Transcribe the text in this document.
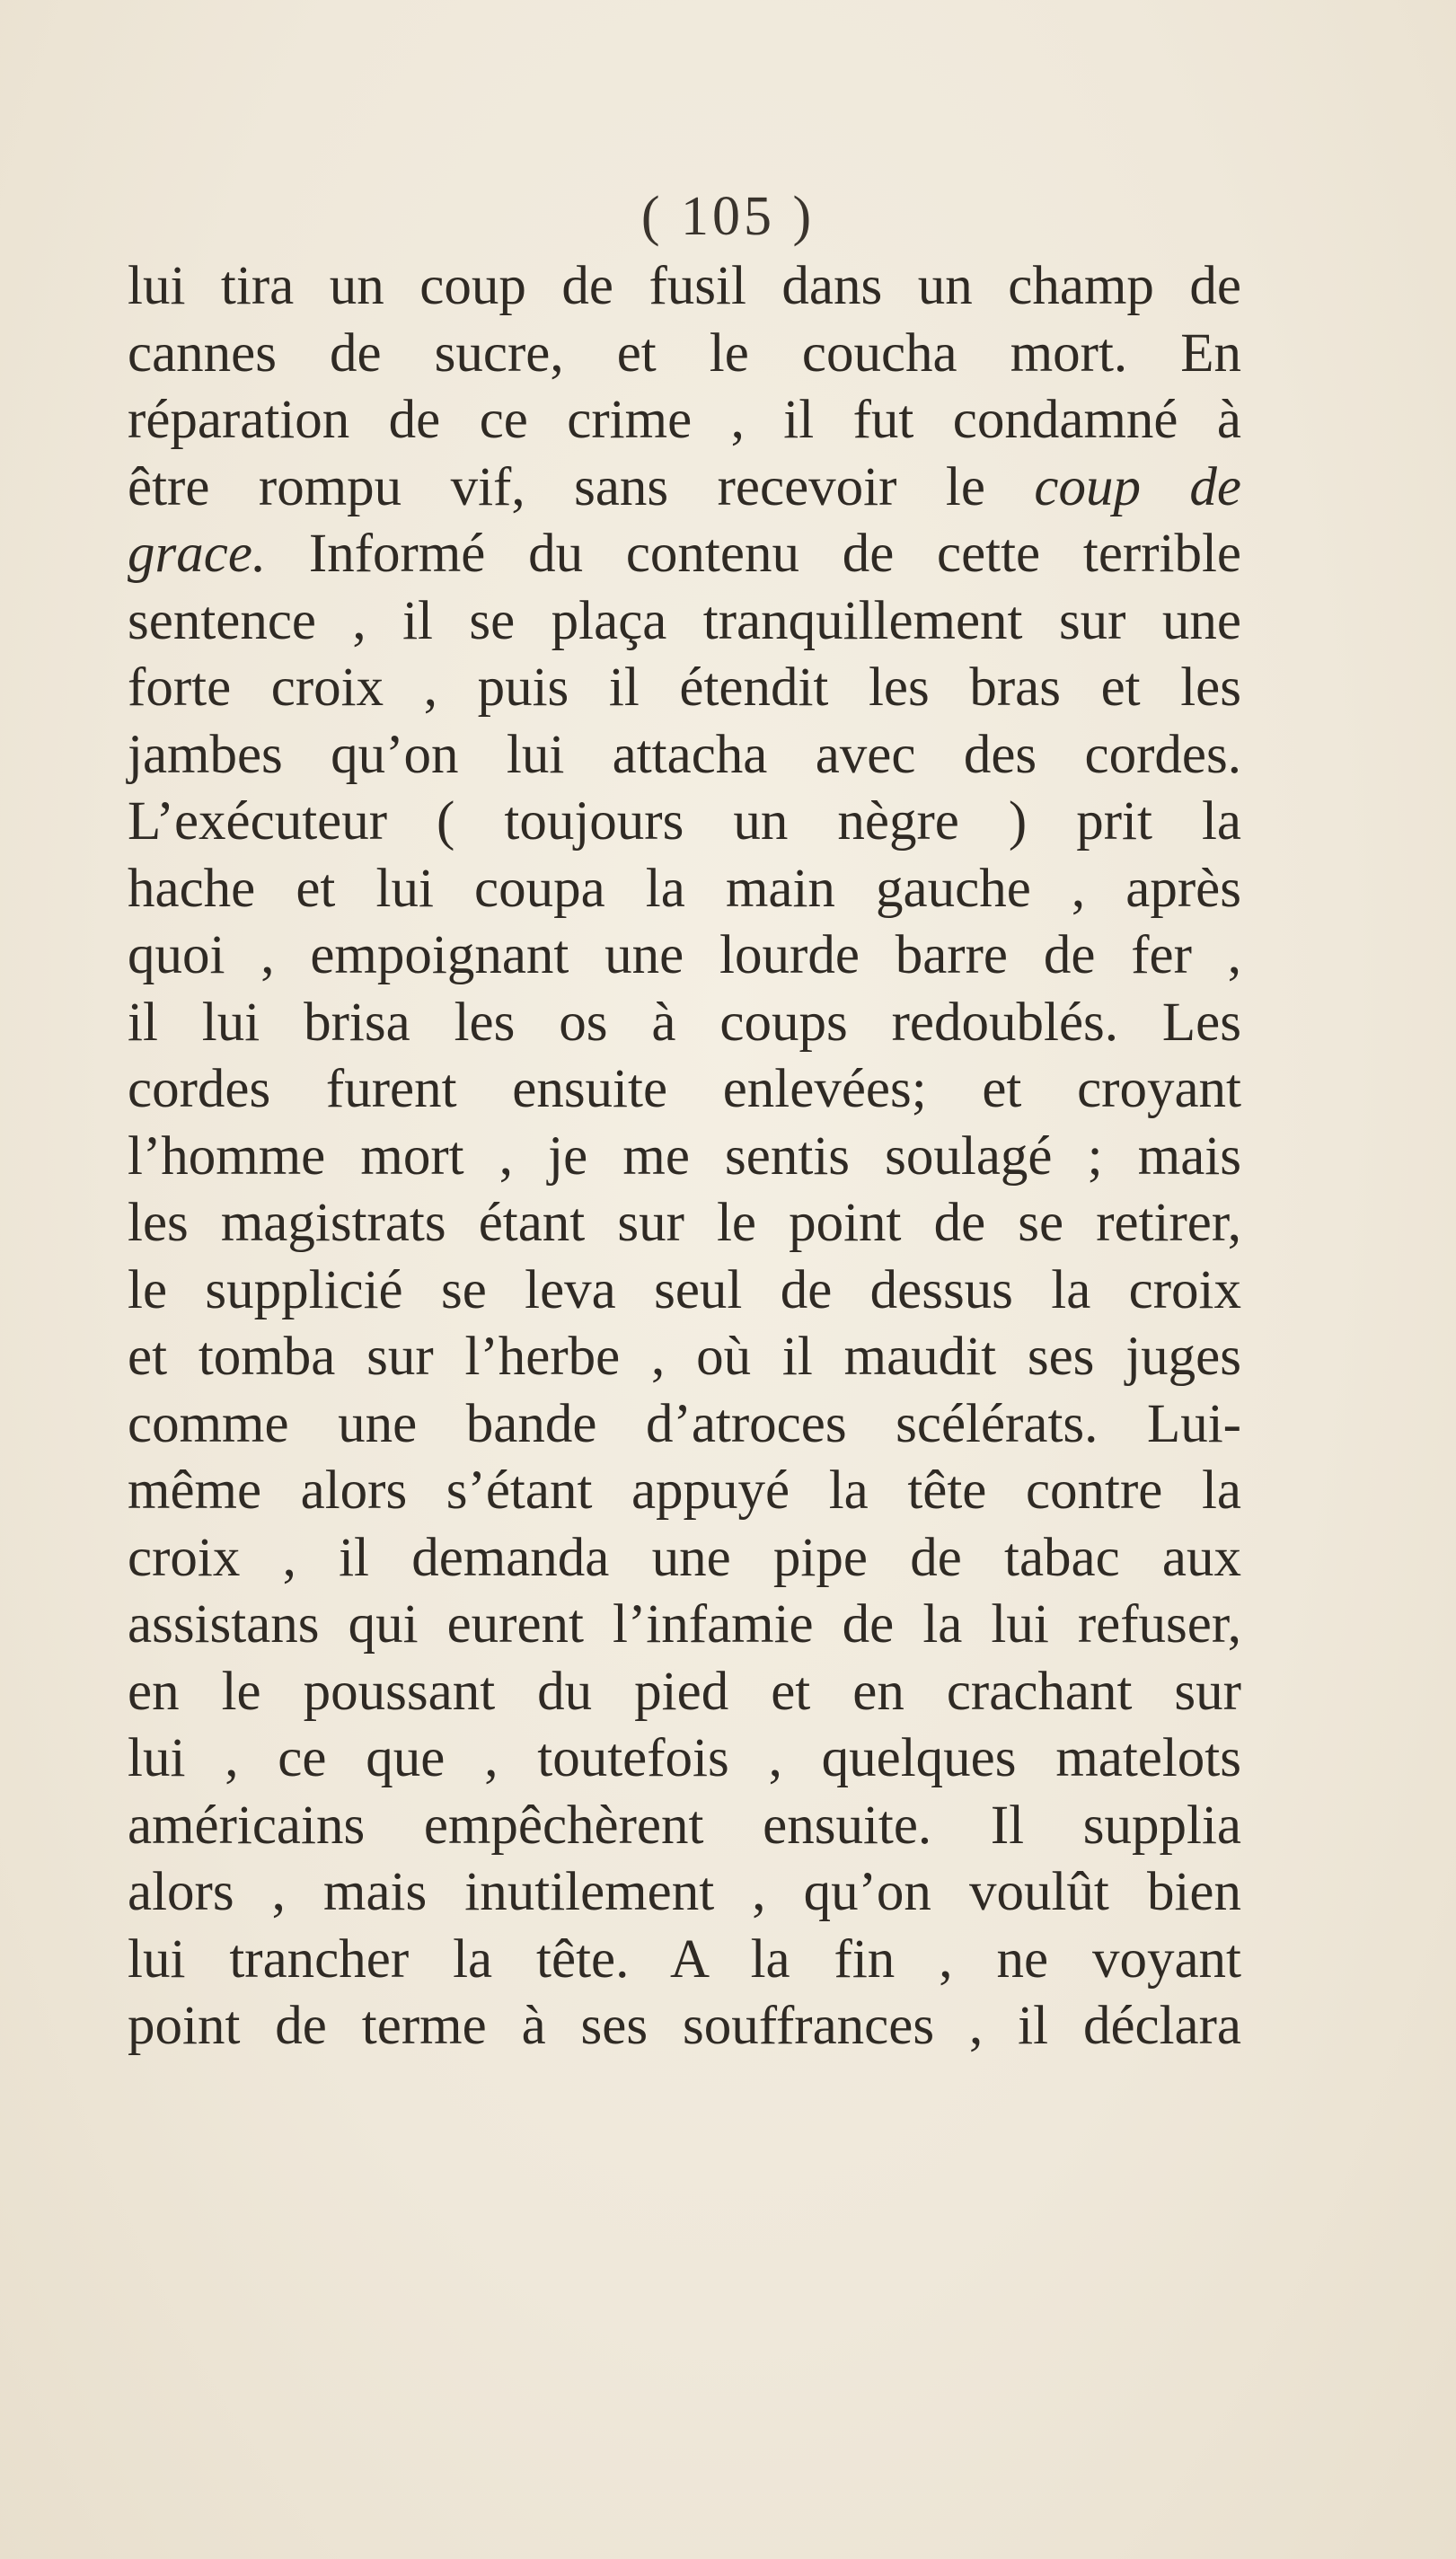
( 105 )
lui tira un coup de fusil dans un champ de
cannes de sucre, et le coucha mort. En
réparation de ce crime , il fut condamné à
être rompu vif, sans recevoir le coup de
grace. Informé du contenu de cette terrible
sentence , il se plaça tranquillement sur une
forte croix , puis il étendit les bras et les
jambes qu’on lui attacha avec des cordes.
L’exécuteur ( toujours un nègre ) prit la
hache et lui coupa la main gauche , après
quoi , empoignant une lourde barre de fer ,
il lui brisa les os à coups redoublés. Les
cordes furent ensuite enlevées; et croyant
l’homme mort , je me sentis soulagé ; mais
les magistrats étant sur le point de se retirer,
le supplicié se leva seul de dessus la croix
et tomba sur l’herbe , où il maudit ses juges
comme une bande d’atroces scélérats. Lui-
même alors s’étant appuyé la tête contre la
croix , il demanda une pipe de tabac aux
assistans qui eurent l’infamie de la lui refuser,
en le poussant du pied et en crachant sur
lui , ce que , toutefois , quelques matelots
américains empêchèrent ensuite. Il supplia
alors , mais inutilement , qu’on voulût bien
lui trancher la tête. A la fin , ne voyant
point de terme à ses souffrances , il déclara
